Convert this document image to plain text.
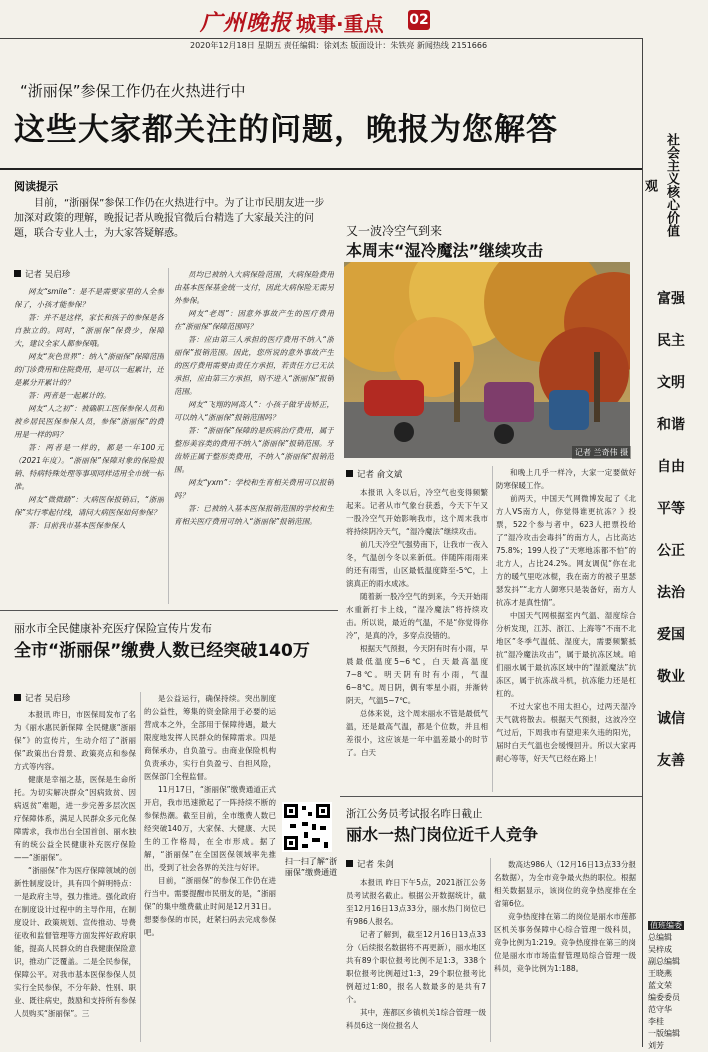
广州晚报 城事·重点 02
2020年12月18日 星期五 责任编辑：徐刘杰 版面设计：朱铁亮 新闻热线 2151666
“浙丽保”参保工作仍在火热进行中
这些大家都关注的问题，晚报为您解答
阅读提示
目前，“浙丽保”参保工作仍在火热进行中。为了让市民朋友进一步加深对政策的理解，晚报记者从晚报官微后台精选了大家最关注的问题，联合专业人士，为大家答疑解惑。
记者 吴启珍

网友“smile”：是不是需要家里的人全参保了，小孩才能参保？

答：并不是这样，家长和孩子的参保是各自独立的。同时，“浙丽保”保费少，保障大，建议全家人都参保哦。

网友“灰色世界”：纳入“浙丽保”保障范围的门诊费用和住院费用，是可以一起累计，还是累分开累计的？

答：两者是一起累计的。

网友“人之初”：被确职工医保参保人员和被乡居民医保参保人员，参保“浙丽保”的费用是一样的吗？

答：两者是一样的，都是一年100元（2021年度）。“浙丽保”保障对象的保险报销、特病特殊处理等事项同样适用全市统一标准。

网友“微微踏”：大病医保报销后，“浙丽保”实行零起付线，请问大病医保如何参保？

答：目前我市基本医保参保人

员均已被纳入大病保险范围，大病保险费用由基本医保基金统一支付，因此大病保险无需另外参保。

网友“老周”：因意外事故产生的医疗费用在“浙丽保”保障范围吗？

答：应由第三人承担的医疗费用不纳入“浙丽保”报销范围。因此，您所说的意外事故产生的医疗费用需要由责任方承担，若责任方已无法承担，应由第三方承担，则不进入“浙丽保”报销范围。

网友“飞翔的网高人”：小孩子做牙齿矫正，可以纳入“浙丽保”报销范围吗？

答：“浙丽保”保障的是疾病治疗费用，属于整形美容类的费用不纳入“浙丽保”报销范围。牙齿矫正属于整形类费用，不纳入“浙丽保”报销范围。

网友“yxm”：学校和生育相关费用可以报销吗？

答：已被纳入基本医保报销范围的学校和生育相关医疗费用可纳入“浙丽保”报销范围。

又一波冷空气到来
本周末“湿冷魔法”继续攻击
记者 兰奇伟 摄
记者 俞文斌

本报讯 入冬以后，冷空气也变得频繁起来。记者从市气象台获悉，今天下午又一股冷空气开始影响我市，这个周末我市将持续阴冷天气，“湿冷魔法”继续攻击。

前几天冷空气强势南下，让我市一夜入冬，气温创今冬以来新低。伴随阵雨雨来的还有雨雪，山区最低温度降至-5℃，上演真正的雨水成冰。

随着新一股冷空气的到来，今天开始雨水重新打卡上线，“湿冷魔法”将持续攻击。所以说，最近的气温，不是“你觉得你冷”，是真的冷，多穿点没错的。

根据天气预报，今天阴有时有小雨，早晨最低温度5~6℃，白天最高温度7~8℃。明天阴有时有小雨，气温6~8℃。周日阴，偶有零星小雨，并渐转阴天，气温5~7℃。

总体来说，这个周末丽水不管是最低气温，还是最高气温，都是个位数，并且相差很小，这应该是一年中温差最小的时节了。白天

和晚上几乎一样冷，大家一定要做好防寒保暖工作。

前两天，中国天气网微博发起了《北方人VS南方人，你觉得谁更抗冻？》投票，522个参与者中，623人把票投给了“湿冷攻击会毒抖”的南方人，占比高达75.8%；199人投了“天寒地冻都不怕”的北方人，占比24.2%。网友调侃“你在北方的暖气里吃冰棍，我在南方的被子里瑟瑟发抖”“北方人御寒只是装备好，南方人抗冻才是真性情”。

中国天气网根据室内气温、湿度综合分析发现，江苏、浙江、上海等“不南不北地区”冬季气温低、湿度大，需要频繁抵抗“湿冷魔法攻击”，属于最抗冻区域。咱们丽水属于最抗冻区域中的“湿派魔法”抗冻区，属于抗冻战斗机，抗冻能力还是杠杠的。

不过大家也不用太担心，过两天湿冷天气就将散去。根据天气预报，这波冷空气过后，下周我市有望迎来久违的阳光，届时白天气温也会缓慢回升。所以大家再耐心等等，好天气已经在路上！

丽水市全民健康补充医疗保险宣传片发布
全市“浙丽保”缴费人数已经突破140万
记者 吴启珍

本报讯 昨日，市医保局发布了名为《丽水惠民新保障 全民健康“浙丽保”》的宣传片，生动介绍了“浙丽保”政策出台背景、政策亮点和参保方式等内容。

健康是幸福之基，医保是生命所托。为切实解决群众“因病致贫、因病返贫”难题，进一步完善多层次医疗保障体系，满足人民群众多元化保障需求，我市出台全国首创、丽水独有的统公益全民健康补充医疗保险——“浙丽保”。

“浙丽保”作为医疗保障领域的创新性制度设计，具有四个鲜明特点：一是政府主导，强力推进。强化政府在制度设计过程中的主导作用，在制度设计、政策规划、宣传推动、导费征收和监督管理等方面发挥好政府职能，提高人民群众的自我健康保险意识，推动广泛覆盖。二是全民参保，保障公平。对我市基本医保参保人员实行全民参保，不分年龄、性别、职业、既往病史，鼓励和支持所有参保人员购买“浙丽保”。三

是公益运行，确保持续。突出制度的公益性，筹集的资金除用于必要的运营成本之外，全部用于保障待遇，最大限度地发挥人民群众的保障需求。四是商保承办，自负盈亏。由商业保险机构负责承办，实行自负盈亏、自担风险，医保部门全程监督。

11月17日，“浙丽保”缴费通道正式开启，我市迅速掀起了一阵持续不断的参保热潮。截至目前，全市缴费人数已经突破140万，大家保、大健康、大民生的工作格局，在全市形成。据了解，“浙丽保”在全国医保领域率先推出，受到了社会各界的关注与好评。

目前，“浙丽保”的参保工作仍在进行当中。需要提醒市民朋友的是，“浙丽保”的集中缴费截止时间是12月31日。想要参保的市民，赶紧扫码去完成参保吧。

扫一扫了解“浙丽保”缴费通道
浙江公务员考试报名昨日截止
丽水一热门岗位近千人竞争
记者 朱剑

本报讯 昨日下午5点，2021浙江公务员考试报名截止。根据公开数据统计，截至12月16日13点33分，丽水热门岗位已有986人报名。

记者了解到，截至12月16日13点33分（后续报名数据将不再更新），丽水地区共有89个职位报考比例不足1:3，338个职位报考比例超过1:3，29个职位报考比例超过1:80，报名人数最多的是共有7个。

其中，莲都区乡镇机关1综合管理一级科员6这一岗位报名人

数高达986人（12月16日13点33分报名数据），为全市竞争最火热的职位。根据相关数据显示，该岗位的竞争热度排在全省第6位。

竞争热度排在第二的岗位是丽水市莲都区机关事务保障中心综合管理一级科员，竞争比例为1:219。竞争热度排在第三的岗位是丽水市市场监督管理局综合管理一级科员，竞争比例为1:188。

社会主义核心价值观
富强
民主
文明
和谐
自由
平等
公正
法治
爱国
敬业
诚信
友善
值班编委
总编辑
吴梓成
副总编辑
王晓燕
蓝文荣
编委委员
范守华
李桂
一版编辑
刘芳
